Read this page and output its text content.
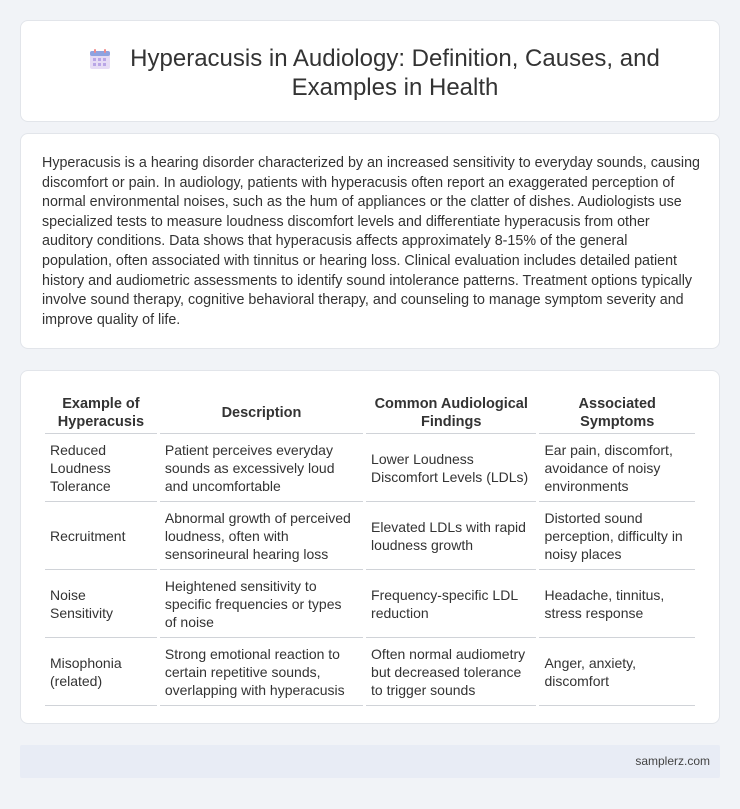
Hyperacusis in Audiology: Definition, Causes, and Examples in Health

Hyperacusis is a hearing disorder characterized by an increased sensitivity to everyday sounds, causing discomfort or pain. In audiology, patients with hyperacusis often report an exaggerated perception of normal environmental noises, such as the hum of appliances or the clatter of dishes. Audiologists use specialized tests to measure loudness discomfort levels and differentiate hyperacusis from other auditory conditions. Data shows that hyperacusis affects approximately 8-15% of the general population, often associated with tinnitus or hearing loss. Clinical evaluation includes detailed patient history and audiometric assessments to identify sound intolerance patterns. Treatment options typically involve sound therapy, cognitive behavioral therapy, and counseling to manage symptom severity and improve quality of life.

Example of Hyperacusis	Description	Common Audiological Findings	Associated Symptoms
Reduced Loudness Tolerance	Patient perceives everyday sounds as excessively loud and uncomfortable	Lower Loudness Discomfort Levels (LDLs)	Ear pain, discomfort, avoidance of noisy environments
Recruitment	Abnormal growth of perceived loudness, often with sensorineural hearing loss	Elevated LDLs with rapid loudness growth	Distorted sound perception, difficulty in noisy places
Noise Sensitivity	Heightened sensitivity to specific frequencies or types of noise	Frequency-specific LDL reduction	Headache, tinnitus, stress response
Misophonia (related)	Strong emotional reaction to certain repetitive sounds, overlapping with hyperacusis	Often normal audiometry but decreased tolerance to trigger sounds	Anger, anxiety, discomfort
samplerz.com
